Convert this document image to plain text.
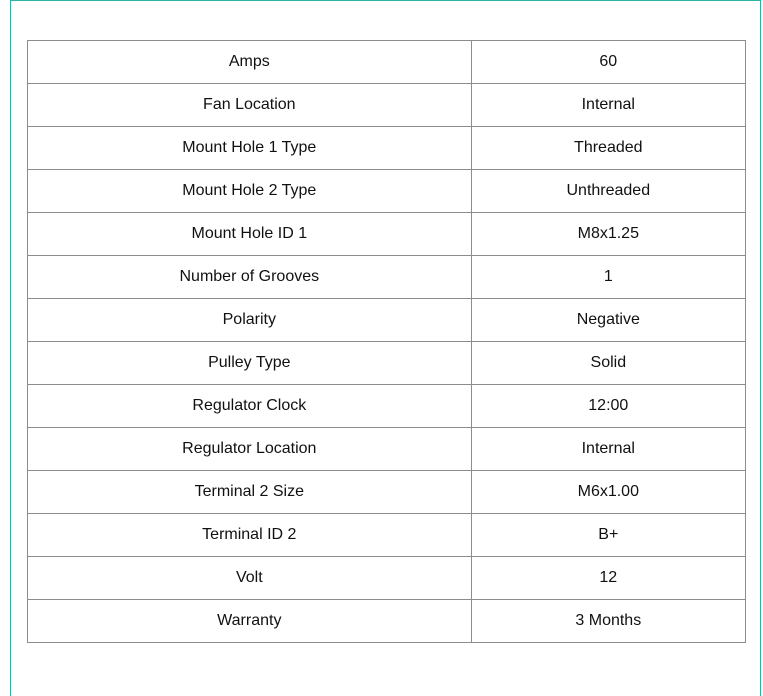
Amps	60
Fan Location	Internal
Mount Hole 1 Type	Threaded
Mount Hole 2 Type	Unthreaded
Mount Hole ID 1	M8x1.25
Number of Grooves	1
Polarity	Negative
Pulley Type	Solid
Regulator Clock	12:00
Regulator Location	Internal
Terminal 2 Size	M6x1.00
Terminal ID 2	B+
Volt	12
Warranty	3 Months
